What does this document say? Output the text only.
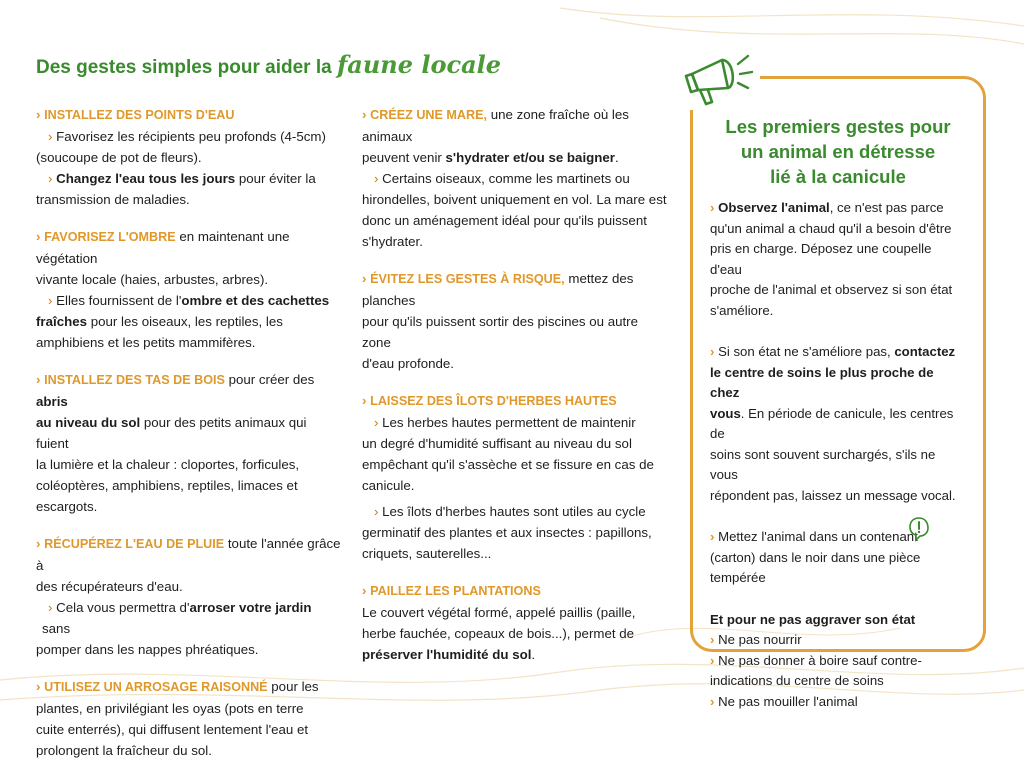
Des gestes simples pour aider la faune locale
› INSTALLEZ DES POINTS D'EAU
› Favorisez les récipients peu profonds (4-5cm)
(soucoupe de pot de fleurs).
› Changez l'eau tous les jours pour éviter la
transmission de maladies.
› FAVORISEZ L'OMBRE en maintenant une végétation
vivante locale (haies, arbustes, arbres).
› Elles fournissent de l'ombre et des cachettes
fraîches pour les oiseaux, les reptiles, les
amphibiens et les petits mammifères.
› INSTALLEZ DES TAS DE BOIS pour créer des abris
au niveau du sol pour des petits animaux qui fuient
la lumière et la chaleur : cloportes, forficules,
coléoptères, amphibiens, reptiles, limaces et
escargots.
› RÉCUPÉREZ L'EAU DE PLUIE toute l'année grâce à
des récupérateurs d'eau.
› Cela vous permettra d'arroser votre jardin sans
pomper dans les nappes phréatiques.
› UTILISEZ UN ARROSAGE RAISONNÉ pour les
plantes, en privilégiant les oyas (pots en terre
cuite enterrés), qui diffusent lentement l'eau et
prolongent la fraîcheur du sol.
› CRÉEZ UNE MARE, une zone fraîche où les animaux
peuvent venir s'hydrater et/ou se baigner.
› Certains oiseaux, comme les martinets ou
hirondelles, boivent uniquement en vol. La mare est
donc un aménagement idéal pour qu'ils puissent
s'hydrater.
› ÉVITEZ LES GESTES À RISQUE, mettez des planches
pour qu'ils puissent sortir des piscines ou autre zone
d'eau profonde.
› LAISSEZ DES ÎLOTS D'HERBES HAUTES
› Les herbes hautes permettent de maintenir
un degré d'humidité suffisant au niveau du sol
empêchant qu'il s'assèche et se fissure en cas de
canicule.
› Les îlots d'herbes hautes sont utiles au cycle
germinatif des plantes et aux insectes : papillons,
criquets, sauterelles...
› PAILLEZ LES PLANTATIONS
Le couvert végétal formé, appelé paillis (paille,
herbe fauchée, copeaux de bois...), permet de
préserver l'humidité du sol.
Les premiers gestes pour
un animal en détresse
lié à la canicule
› Observez l'animal, ce n'est pas parce
qu'un animal a chaud qu'il a besoin d'être
pris en charge. Déposez une coupelle d'eau
proche de l'animal et observez si son état
s'améliore.
› Si son état ne s'améliore pas, contactez
le centre de soins le plus proche de chez
vous. En période de canicule, les centres de
soins sont souvent surchargés, s'ils ne vous
répondent pas, laissez un message vocal.
› Mettez l'animal dans un contenant
(carton) dans le noir dans une pièce
tempérée
Et pour ne pas aggraver son état
› Ne pas nourrir
› Ne pas donner à boire sauf contre-
indications du centre de soins
› Ne pas mouiller l'animal
